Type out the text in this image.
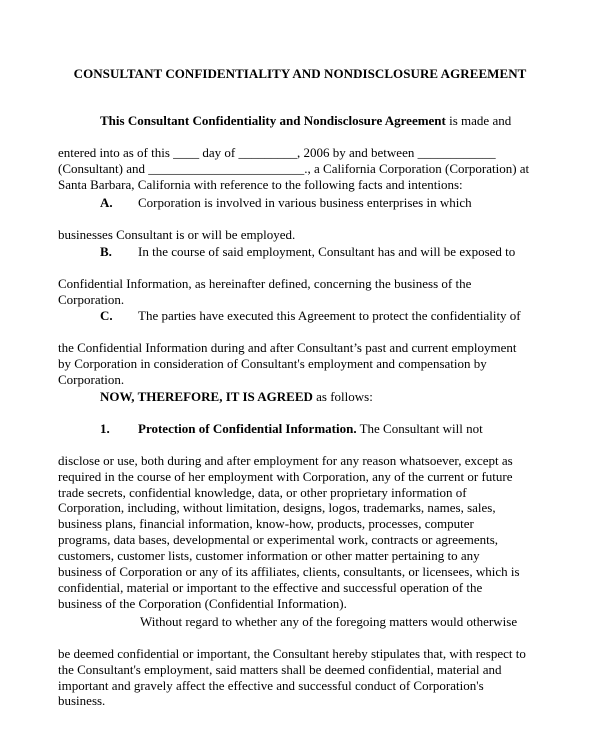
CONSULTANT CONFIDENTIALITY AND NONDISCLOSURE AGREEMENT

This Consultant Confidentiality and Nondisclosure Agreement is made and

entered into as of this ____ day of _________, 2006 by and between ____________
(Consultant) and ________________________., a California Corporation (Corporation) at
Santa Barbara, California with reference to the following facts and intentions:

A. Corporation is involved in various business enterprises in which

businesses Consultant is or will be employed.

B. In the course of said employment, Consultant has and will be exposed to

Confidential Information, as hereinafter defined, concerning the business of the
Corporation.

C. The parties have executed this Agreement to protect the confidentiality of

the Confidential Information during and after Consultant’s past and current employment
by Corporation in consideration of Consultant's employment and compensation by
Corporation.

NOW, THEREFORE, IT IS AGREED as follows:

1. Protection of Confidential Information. The Consultant will not

disclose or use, both during and after employment for any reason whatsoever, except as
required in the course of her employment with Corporation, any of the current or future
trade secrets, confidential knowledge, data, or other proprietary information of
Corporation, including, without limitation, designs, logos, trademarks, names, sales,
business plans, financial information, know-how, products, processes, computer
programs, data bases, developmental or experimental work, contracts or agreements,
customers, customer lists, customer information or other matter pertaining to any
business of Corporation or any of its affiliates, clients, consultants, or licensees, which is
confidential, material or important to the effective and successful operation of the
business of the Corporation (Confidential Information).

Without regard to whether any of the foregoing matters would otherwise

be deemed confidential or important, the Consultant hereby stipulates that, with respect to
the Consultant's employment, said matters shall be deemed confidential, material and
important and gravely affect the effective and successful conduct of Corporation's
business.
